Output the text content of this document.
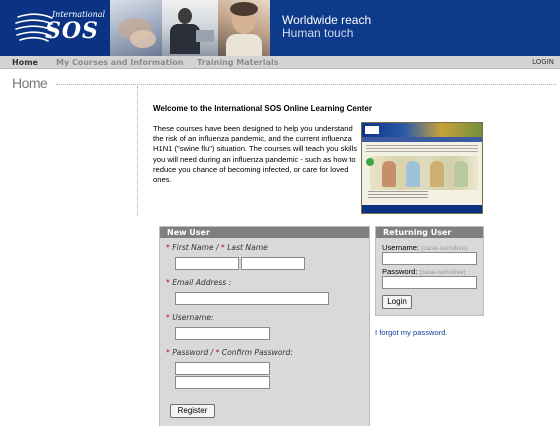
International
SOS	Worldwide reach
Human touch
Home My Courses and Information Training Materials	LOGIN
Home
Welcome to the International SOS Online Learning Center
These courses have been designed to help you understand the risk of an influenza pandemic, and the current influenza H1N1 ("swine flu") situation. The courses will teach you skills you will need during an influenza pandemic - such as how to reduce you chance of becoming infected, or care for loved ones.
New User
* First Name / * Last Name
* Email Address :
* Username:
* Password / * Confirm Password:
Register
Returning User
Username: (case-sensitive)
Password: (case-sensitive)
Login
I forgot my password.
